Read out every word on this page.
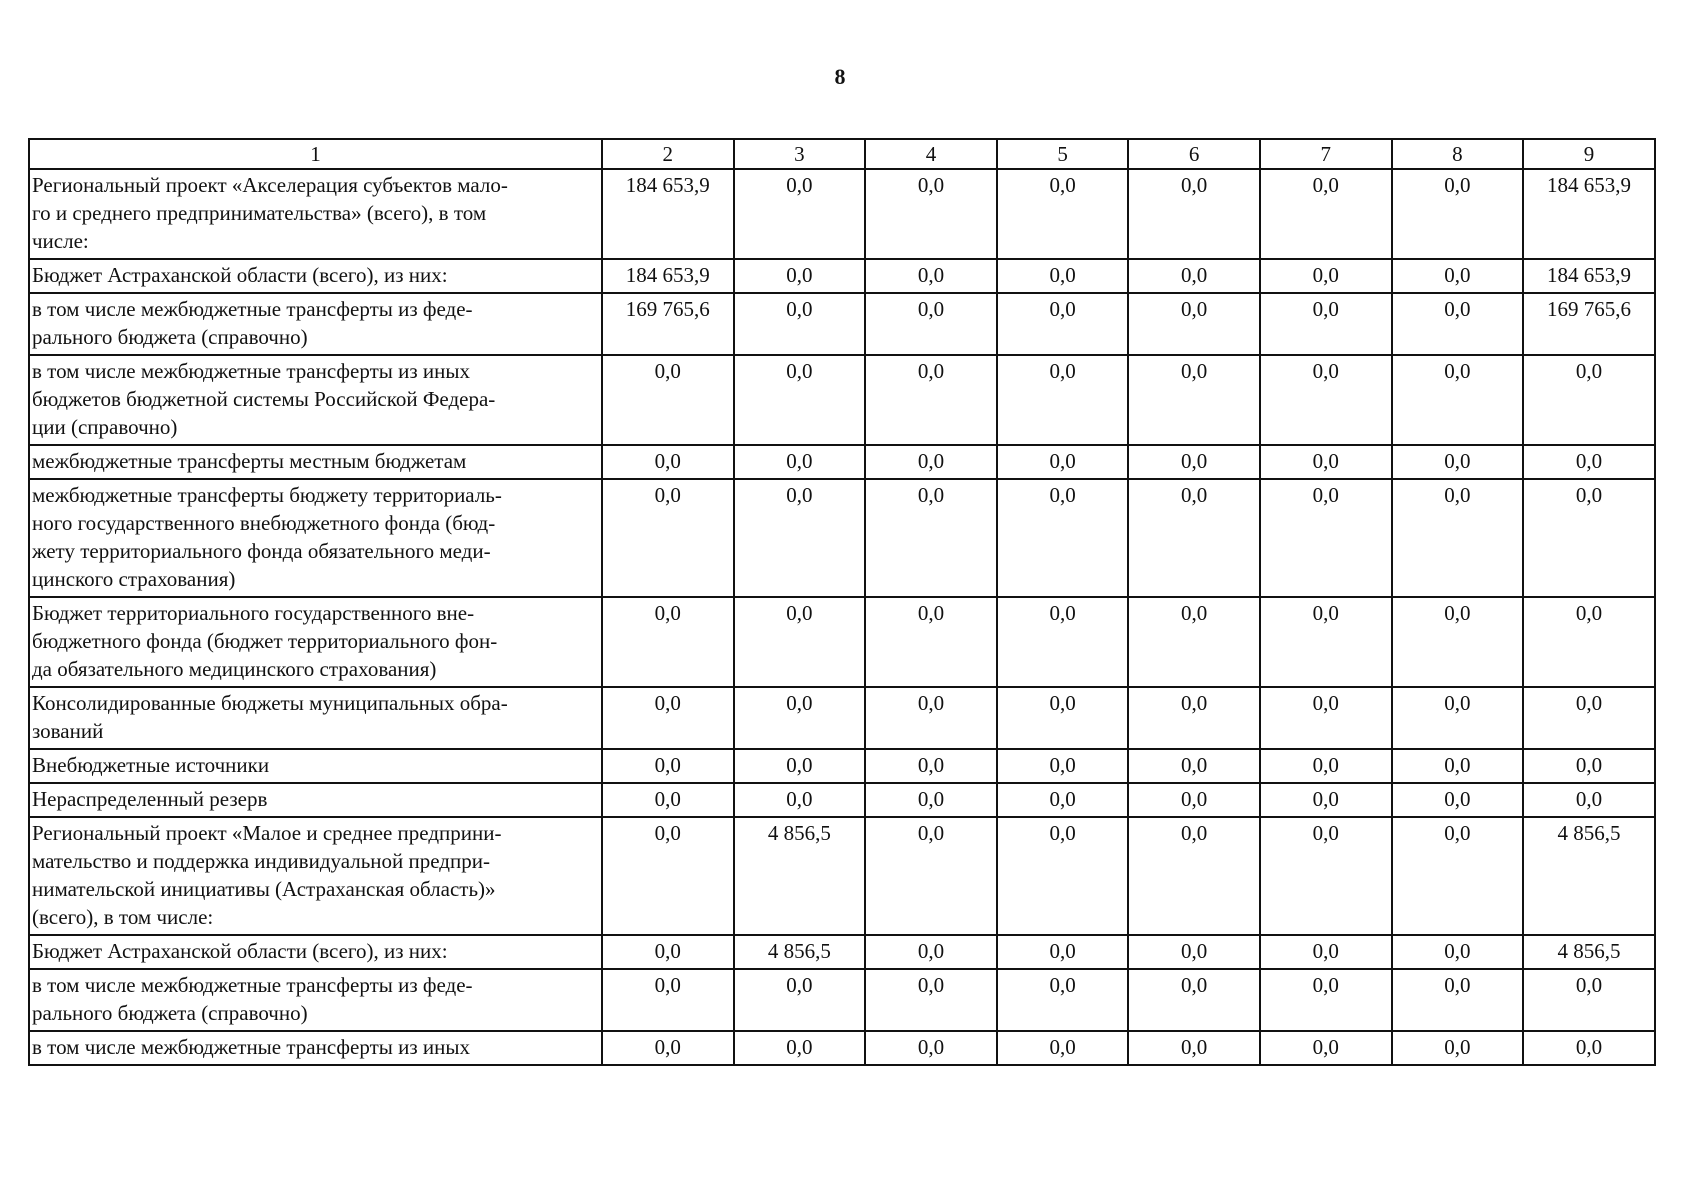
8
1	2	3	4	5	6	7	8	9
Региональный проект «Акселерация субъектов мало-
го и среднего предпринимательства» (всего), в том
числе:	184 653,9	0,0	0,0	0,0	0,0	0,0	0,0	184 653,9
Бюджет Астраханской области (всего), из них:	184 653,9	0,0	0,0	0,0	0,0	0,0	0,0	184 653,9
в том числе межбюджетные трансферты из феде-
рального бюджета (справочно)	169 765,6	0,0	0,0	0,0	0,0	0,0	0,0	169 765,6
в том числе межбюджетные трансферты из иных
бюджетов бюджетной системы Российской Федера-
ции (справочно)	0,0	0,0	0,0	0,0	0,0	0,0	0,0	0,0
межбюджетные трансферты местным бюджетам	0,0	0,0	0,0	0,0	0,0	0,0	0,0	0,0
межбюджетные трансферты бюджету территориаль-
ного государственного внебюджетного фонда (бюд-
жету территориального фонда обязательного меди-
цинского страхования)	0,0	0,0	0,0	0,0	0,0	0,0	0,0	0,0
Бюджет территориального государственного вне-
бюджетного фонда (бюджет территориального фон-
да обязательного медицинского страхования)	0,0	0,0	0,0	0,0	0,0	0,0	0,0	0,0
Консолидированные бюджеты муниципальных обра-
зований	0,0	0,0	0,0	0,0	0,0	0,0	0,0	0,0
Внебюджетные источники	0,0	0,0	0,0	0,0	0,0	0,0	0,0	0,0
Нераспределенный резерв	0,0	0,0	0,0	0,0	0,0	0,0	0,0	0,0
Региональный проект «Малое и среднее предприни-
мательство и поддержка индивидуальной предпри-
нимательской инициативы (Астраханская область)»
(всего), в том числе:	0,0	4 856,5	0,0	0,0	0,0	0,0	0,0	4 856,5
Бюджет Астраханской области (всего), из них:	0,0	4 856,5	0,0	0,0	0,0	0,0	0,0	4 856,5
в том числе межбюджетные трансферты из феде-
рального бюджета (справочно)	0,0	0,0	0,0	0,0	0,0	0,0	0,0	0,0
в том числе межбюджетные трансферты из иных	0,0	0,0	0,0	0,0	0,0	0,0	0,0	0,0
